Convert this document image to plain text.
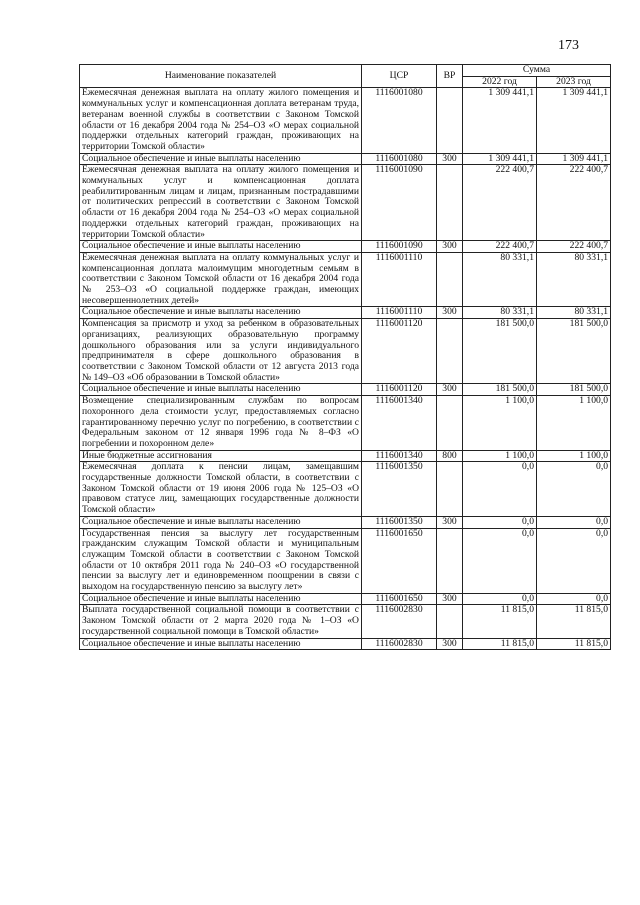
173
Наименование показателей	ЦСР	ВР	Сумма	
			2022 год	2023 год
Ежемесячная денежная выплата на оплату жилого помещения и коммунальных услуг и компенсационная доплата ветеранам труда, ветеранам военной службы в соответствии с Законом Томской области от 16 декабря 2004 года № 254–ОЗ «О мерах социальной поддержки отдельных категорий граждан, проживающих на территории Томской области»	1116001080		1 309 441,1	1 309 441,1
Социальное обеспечение и иные выплаты населению	1116001080	300	1 309 441,1	1 309 441,1
Ежемесячная денежная выплата на оплату жилого помещения и коммунальных услуг и компенсационная доплата реабилитированным лицам и лицам, признанным пострадавшими от политических репрессий в соответствии с Законом Томской области от 16 декабря 2004 года № 254–ОЗ «О мерах социальной поддержки отдельных категорий граждан, проживающих на территории Томской области»	1116001090		222 400,7	222 400,7
Социальное обеспечение и иные выплаты населению	1116001090	300	222 400,7	222 400,7
Ежемесячная денежная выплата на оплату коммунальных услуг и компенсационная доплата малоимущим многодетным семьям в соответствии с Законом Томской области от 16 декабря 2004 года № 253–ОЗ «О социальной поддержке граждан, имеющих несовершеннолетних детей»	1116001110		80 331,1	80 331,1
Социальное обеспечение и иные выплаты населению	1116001110	300	80 331,1	80 331,1
Компенсация за присмотр и уход за ребенком в образовательных организациях, реализующих образовательную программу дошкольного образования или за услуги индивидуального предпринимателя в сфере дошкольного образования в соответствии с Законом Томской области от 12 августа 2013 года № 149–ОЗ «Об образовании в Томской области»	1116001120		181 500,0	181 500,0
Социальное обеспечение и иные выплаты населению	1116001120	300	181 500,0	181 500,0
Возмещение специализированным службам по вопросам похоронного дела стоимости услуг, предоставляемых согласно гарантированному перечню услуг по погребению, в соответствии с Федеральным законом от 12 января 1996 года № 8–ФЗ «О погребении и похоронном деле»	1116001340		1 100,0	1 100,0
Иные бюджетные ассигнования	1116001340	800	1 100,0	1 100,0
Ежемесячная доплата к пенсии лицам, замещавшим государственные должности Томской области, в соответствии с Законом Томской области от 19 июня 2006 года № 125–ОЗ «О правовом статусе лиц, замещающих государственные должности Томской области»	1116001350		0,0	0,0
Социальное обеспечение и иные выплаты населению	1116001350	300	0,0	0,0
Государственная пенсия за выслугу лет государственным гражданским служащим Томской области и муниципальным служащим Томской области в соответствии с Законом Томской области от 10 октября 2011 года № 240–ОЗ «О государственной пенсии за выслугу лет и единовременном поощрении в связи с выходом на государственную пенсию за выслугу лет»	1116001650		0,0	0,0
Социальное обеспечение и иные выплаты населению	1116001650	300	0,0	0,0
Выплата государственной социальной помощи в соответствии с Законом Томской области от 2 марта 2020 года № 1–ОЗ «О государственной социальной помощи в Томской области»	1116002830		11 815,0	11 815,0
Социальное обеспечение и иные выплаты населению	1116002830	300	11 815,0	11 815,0
